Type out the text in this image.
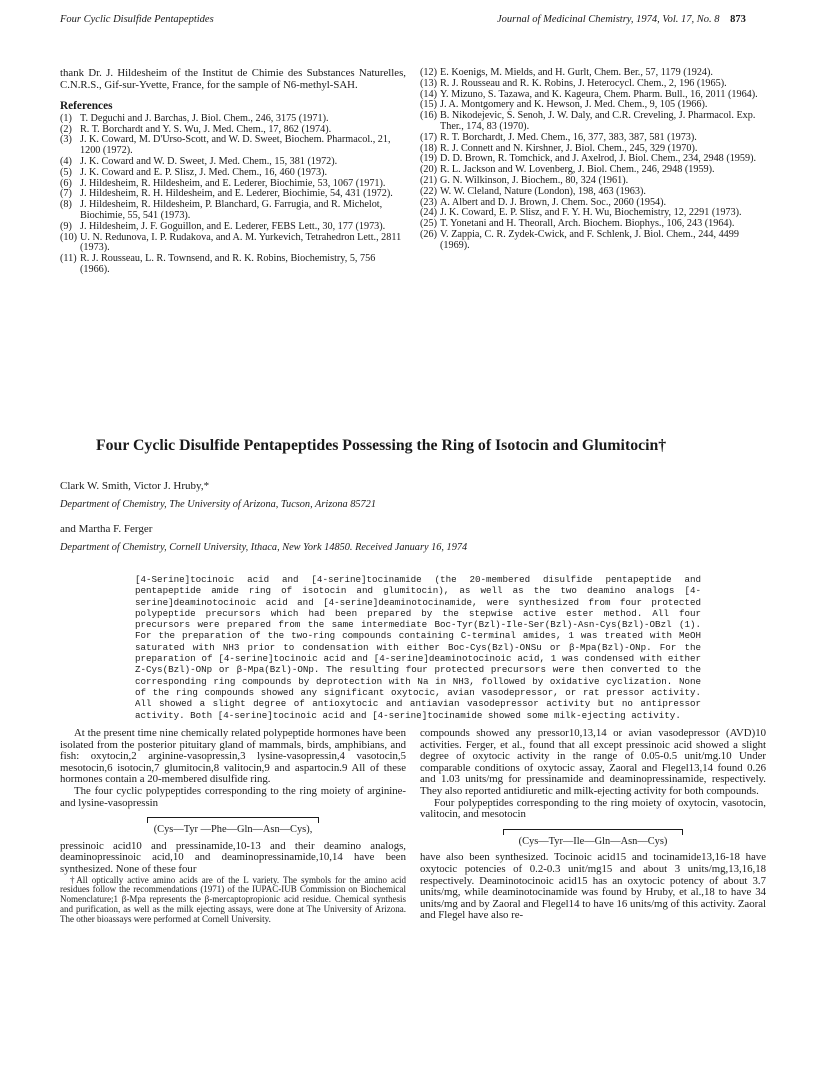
Four Cyclic Disulfide Pentapeptides	Journal of Medicinal Chemistry, 1974, Vol. 17, No. 8 873

thank Dr. J. Hildesheim of the Institut de Chimie des Substances Naturelles, C.N.R.S., Gif-sur-Yvette, France, for the sample of N6-methyl-SAH.

References
(1) T. Deguchi and J. Barchas, J. Biol. Chem., 246, 3175 (1971).
(2) R. T. Borchardt and Y. S. Wu, J. Med. Chem., 17, 862 (1974).
(3) J. K. Coward, M. D'Urso-Scott, and W. D. Sweet, Biochem. Pharmacol., 21, 1200 (1972).
(4) J. K. Coward and W. D. Sweet, J. Med. Chem., 15, 381 (1972).
(5) J. K. Coward and E. P. Slisz, J. Med. Chem., 16, 460 (1973).
(6) J. Hildesheim, R. Hildesheim, and E. Lederer, Biochimie, 53, 1067 (1971).
(7) J. Hildesheim, R. H. Hildesheim, and E. Lederer, Biochimie, 54, 431 (1972).
(8) J. Hildesheim, R. Hildesheim, P. Blanchard, G. Farrugia, and R. Michelot, Biochimie, 55, 541 (1973).
(9) J. Hildesheim, J. F. Goguillon, and E. Lederer, FEBS Lett., 30, 177 (1973).
(10) U. N. Redunova, I. P. Rudakova, and A. M. Yurkevich, Tetrahedron Lett., 2811 (1973).
(11) R. J. Rousseau, L. R. Townsend, and R. K. Robins, Biochemistry, 5, 756 (1966).
(12) E. Koenigs, M. Mields, and H. Gurlt, Chem. Ber., 57, 1179 (1924).
(13) R. J. Rousseau and R. K. Robins, J. Heterocycl. Chem., 2, 196 (1965).
(14) Y. Mizuno, S. Tazawa, and K. Kageura, Chem. Pharm. Bull., 16, 2011 (1964).
(15) J. A. Montgomery and K. Hewson, J. Med. Chem., 9, 105 (1966).
(16) B. Nikodejevic, S. Senoh, J. W. Daly, and C.R. Creveling, J. Pharmacol. Exp. Ther., 174, 83 (1970).
(17) R. T. Borchardt, J. Med. Chem., 16, 377, 383, 387, 581 (1973).
(18) R. J. Connett and N. Kirshner, J. Biol. Chem., 245, 329 (1970).
(19) D. D. Brown, R. Tomchick, and J. Axelrod, J. Biol. Chem., 234, 2948 (1959).
(20) R. L. Jackson and W. Lovenberg, J. Biol. Chem., 246, 2948 (1959).
(21) G. N. Wilkinson, J. Biochem., 80, 324 (1961).
(22) W. W. Cleland, Nature (London), 198, 463 (1963).
(23) A. Albert and D. J. Brown, J. Chem. Soc., 2060 (1954).
(24) J. K. Coward, E. P. Slisz, and F. Y. H. Wu, Biochemistry, 12, 2291 (1973).
(25) T. Yonetani and H. Theorall, Arch. Biochem. Biophys., 106, 243 (1964).
(26) V. Zappia, C. R. Zydek-Cwick, and F. Schlenk, J. Biol. Chem., 244, 4499 (1969).
Four Cyclic Disulfide Pentapeptides Possessing the Ring of Isotocin and Glumitocin†
Clark W. Smith, Victor J. Hruby,*
Department of Chemistry, The University of Arizona, Tucson, Arizona 85721
and Martha F. Ferger
Department of Chemistry, Cornell University, Ithaca, New York 14850. Received January 16, 1974
[4-Serine]tocinoic acid and [4-serine]tocinamide (the 20-membered disulfide pentapeptide and pentapeptide amide ring of isotocin and glumitocin), as well as the two deamino analogs [4-serine]deaminotocinoic acid and [4-serine]deaminotocinamide, were synthesized from four protected polypeptide precursors which had been prepared by the stepwise active ester method. All four precursors were prepared from the same intermediate Boc-Tyr(Bzl)-Ile-Ser(Bzl)-Asn-Cys(Bzl)-OBzl (1). For the preparation of the two-ring compounds containing C-terminal amides, 1 was treated with MeOH saturated with NH3 prior to condensation with either Boc-Cys(Bzl)-ONSu or β-Mpa(Bzl)-ONp. For the preparation of [4-serine]tocinoic acid and [4-serine]deaminotocinoic acid, 1 was condensed with either Z-Cys(Bzl)-ONp or β-Mpa(Bzl)-ONp. The resulting four protected precursors were then converted to the corresponding ring compounds by deprotection with Na in NH3, followed by oxidative cyclization. None of the ring compounds showed any significant oxytocic, avian vasodepressor, or rat pressor activity. All showed a slight degree of antioxytocic and antiavian vasodepressor activity but no antipressor activity. Both [4-serine]tocinoic acid and [4-serine]tocinamide showed some milk-ejecting activity.

At the present time nine chemically related polypeptide hormones have been isolated from the posterior pituitary gland of mammals, birds, amphibians, and fish: oxytocin,2 arginine-vasopressin,3 lysine-vasopressin,4 vasotocin,5 mesotocin,6 isotocin,7 glumitocin,8 valitocin,9 and aspartocin.9 All of these hormones contain a 20-membered disulfide ring.

The four cyclic polypeptides corresponding to the ring moiety of arginine- and lysine-vasopressin

(Cys—Tyr —Phe—Gln—Asn—Cys),

pressinoic acid10 and pressinamide,10-13 and their deamino analogs, deaminopressinoic acid,10 and deaminopressinamide,10,14 have been synthesized. None of these four

†All optically active amino acids are of the L variety. The symbols for the amino acid residues follow the recommendations (1971) of the IUPAC-IUB Commission on Biochemical Nomenclature;1 β-Mpa represents the β-mercaptopropionic acid residue. Chemical synthesis and purification, as well as the milk ejecting assays, were done at The University of Arizona. The other bioassays were performed at Cornell University.

compounds showed any pressor10,13,14 or avian vasodepressor (AVD)10 activities. Ferger, et al., found that all except pressinoic acid showed a slight degree of oxytocic activity in the range of 0.05-0.5 unit/mg.10 Under comparable conditions of oxytocic assay, Zaoral and Flegel13,14 found 0.26 and 1.03 units/mg for pressinamide and deaminopressinamide, respectively. They also reported antidiuretic and milk-ejecting activity for both compounds.

Four polypeptides corresponding to the ring moiety of oxytocin, vasotocin, valitocin, and mesotocin

(Cys—Tyr—Ile—Gln—Asn—Cys)

have also been synthesized. Tocinoic acid15 and tocinamide13,16-18 have oxytocic potencies of 0.2-0.3 unit/mg15 and about 3 units/mg,13,16,18 respectively. Deaminotocinoic acid15 has an oxytocic potency of about 3.7 units/mg, while deaminotocinamide was found by Hruby, et al.,18 to have 34 units/mg and by Zaoral and Flegel14 to have 16 units/mg of this activity. Zaoral and Flegel have also re-
